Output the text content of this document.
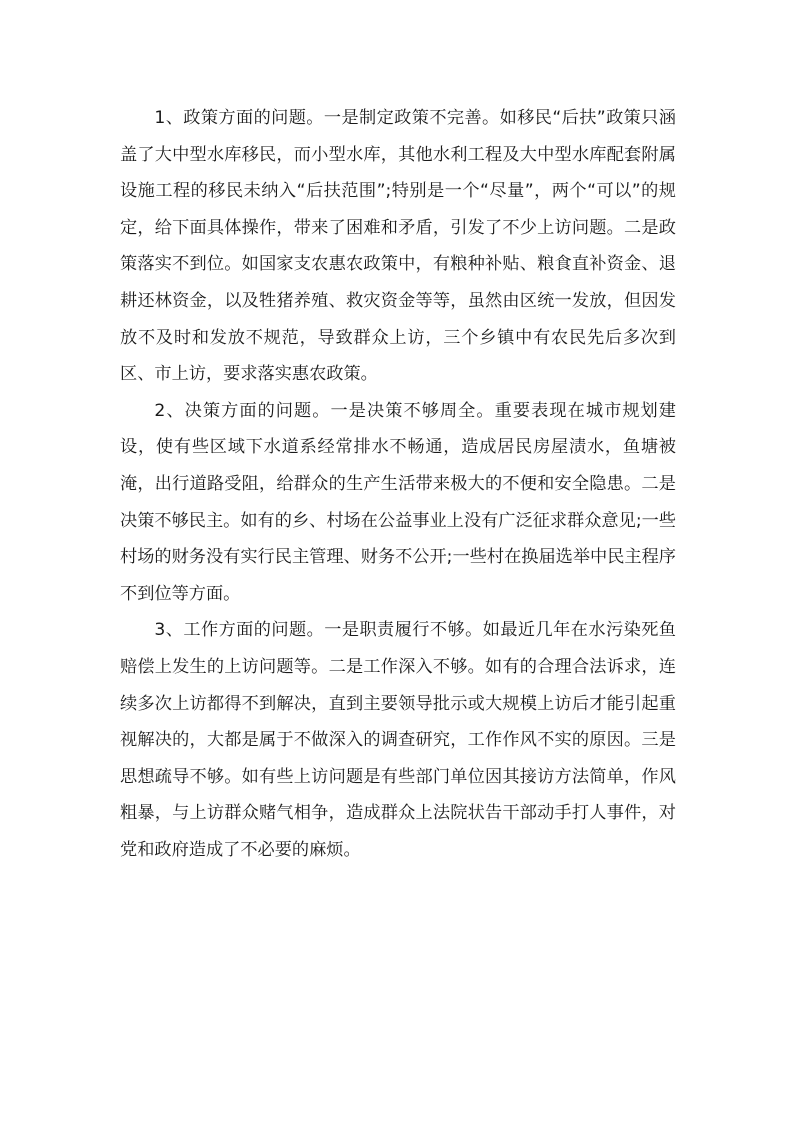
1、政策方面的问题。一是制定政策不完善。如移民“后扶”政策只涵盖了大中型水库移民，而小型水库，其他水利工程及大中型水库配套附属设施工程的移民未纳入“后扶范围”;特别是一个“尽量”，两个“可以”的规定，给下面具体操作，带来了困难和矛盾，引发了不少上访问题。二是政策落实不到位。如国家支农惠农政策中，有粮种补贴、粮食直补资金、退耕还林资金，以及牲猪养殖、救灾资金等等，虽然由区统一发放，但因发放不及时和发放不规范，导致群众上访，三个乡镇中有农民先后多次到区、市上访，要求落实惠农政策。

2、决策方面的问题。一是决策不够周全。重要表现在城市规划建设，使有些区域下水道系经常排水不畅通，造成居民房屋渍水，鱼塘被淹，出行道路受阻，给群众的生产生活带来极大的不便和安全隐患。二是决策不够民主。如有的乡、村场在公益事业上没有广泛征求群众意见;一些村场的财务没有实行民主管理、财务不公开;一些村在换届选举中民主程序不到位等方面。

3、工作方面的问题。一是职责履行不够。如最近几年在水污染死鱼赔偿上发生的上访问题等。二是工作深入不够。如有的合理合法诉求，连续多次上访都得不到解决，直到主要领导批示或大规模上访后才能引起重视解决的，大都是属于不做深入的调查研究，工作作风不实的原因。三是思想疏导不够。如有些上访问题是有些部门单位因其接访方法简单，作风粗暴，与上访群众赌气相争，造成群众上法院状告干部动手打人事件，对党和政府造成了不必要的麻烦。
